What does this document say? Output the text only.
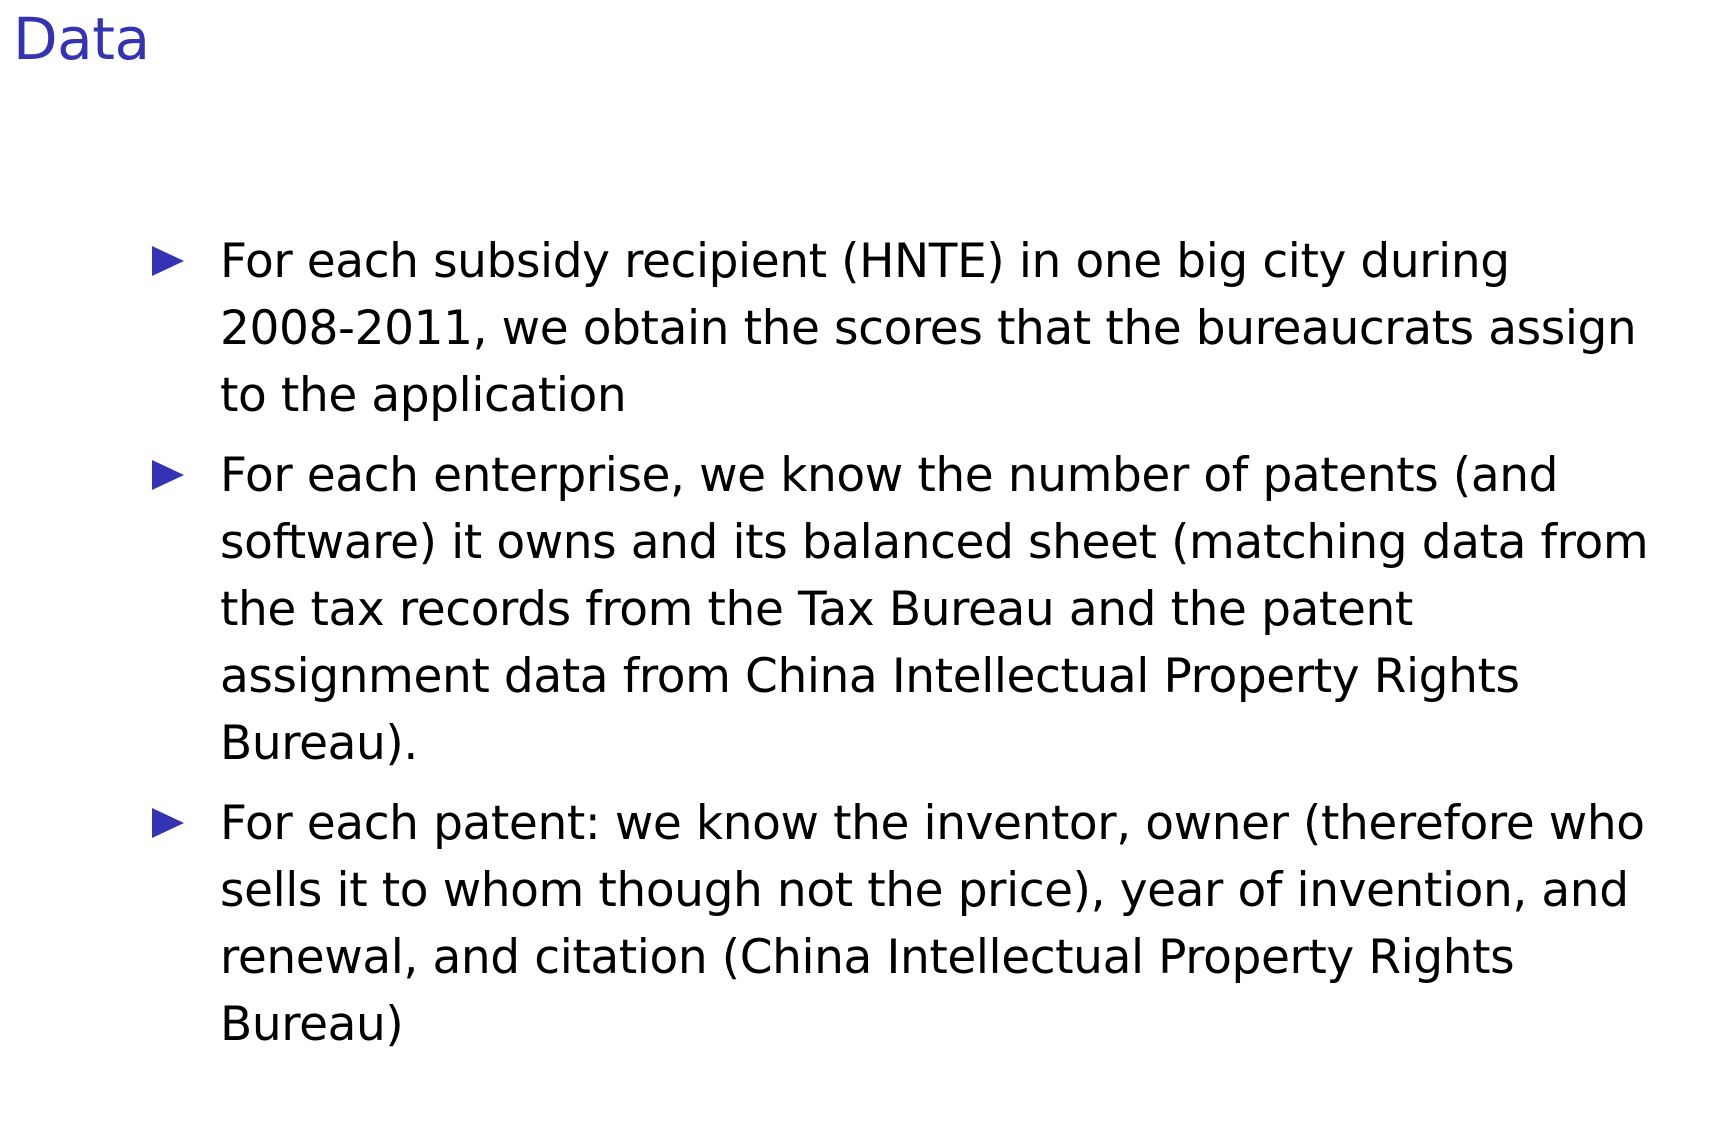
Data

For each subsidy recipient (HNTE) in one big city during
2008-2011, we obtain the scores that the bureaucrats assign
to the application

For each enterprise, we know the number of patents (and
software) it owns and its balanced sheet (matching data from
the tax records from the Tax Bureau and the patent
assignment data from China Intellectual Property Rights
Bureau).

For each patent: we know the inventor, owner (therefore who
sells it to whom though not the price), year of invention, and
renewal, and citation (China Intellectual Property Rights
Bureau)
